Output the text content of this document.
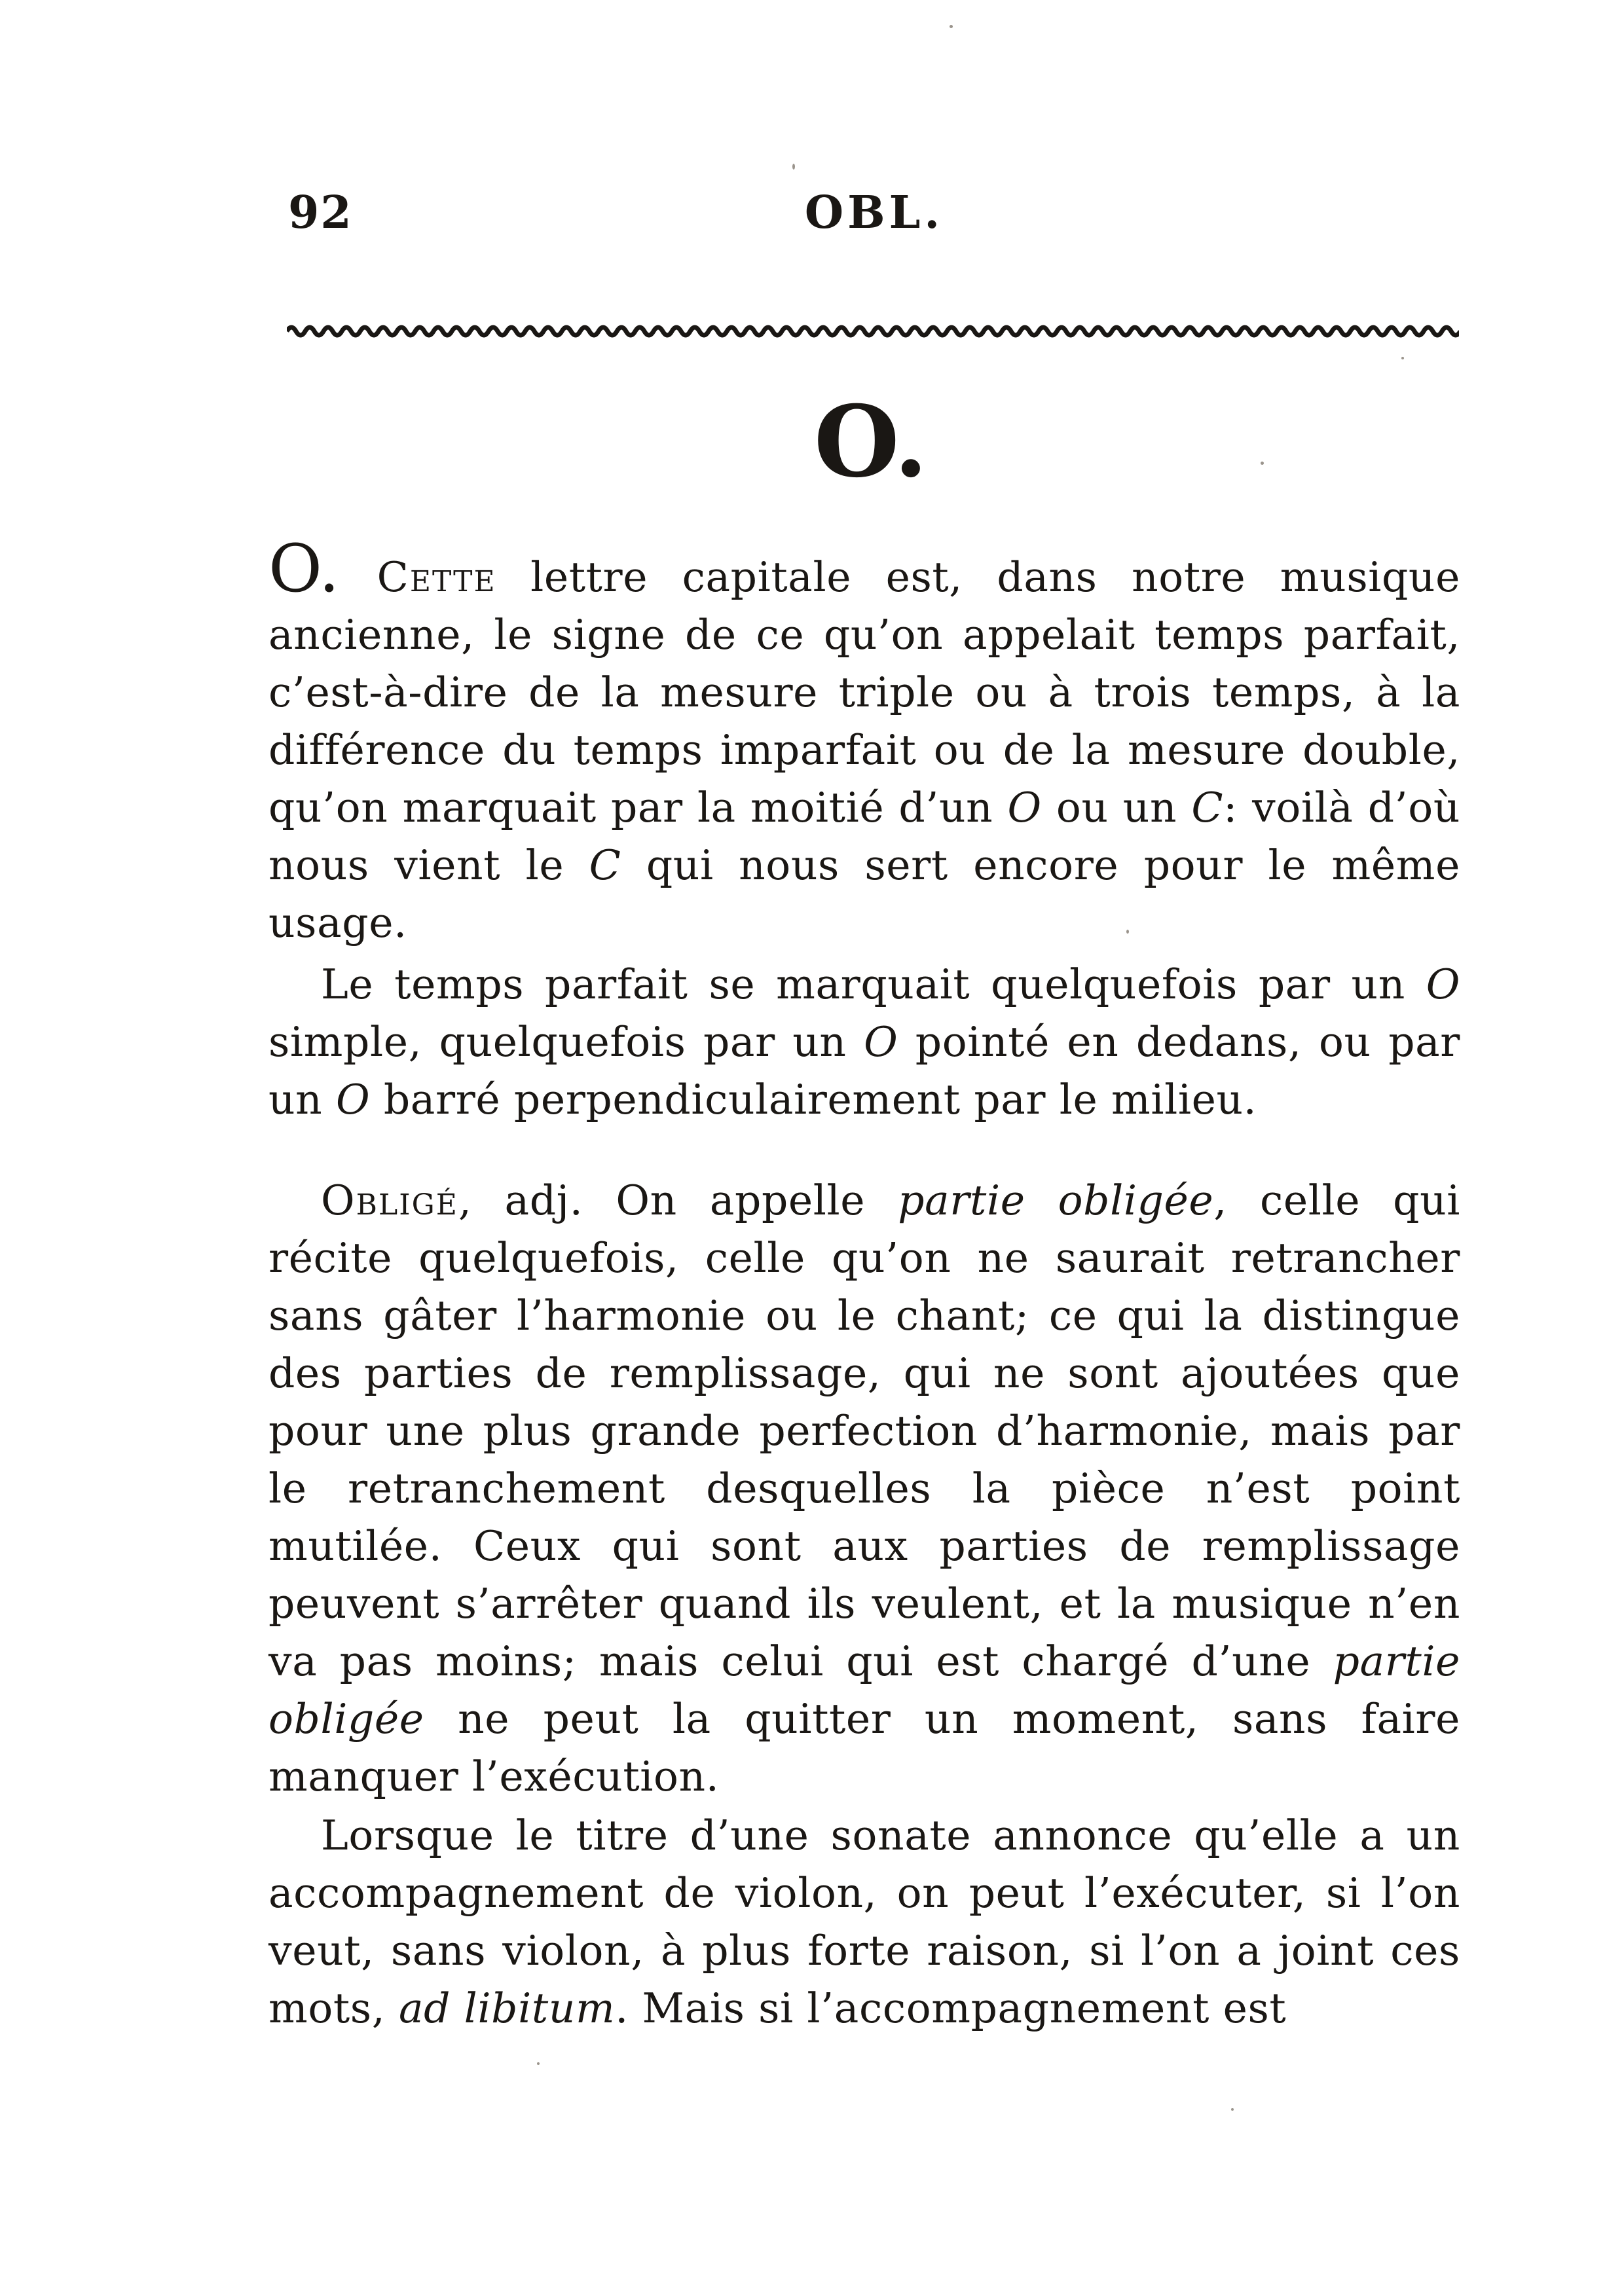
92	OBL.
O.

O. Cette lettre capitale est, dans notre musique ancienne, le signe de ce qu’on appelait temps parfait, c’est-à-dire de la mesure triple ou à trois temps, à la différence du temps imparfait ou de la mesure double, qu’on marquait par la moitié d’un O ou un C: voilà d’où nous vient le C qui nous sert encore pour le même usage.

Le temps parfait se marquait quelquefois par un O simple, quelquefois par un O pointé en dedans, ou par un O barré perpendiculairement par le milieu.

Obligé, adj. On appelle partie obligée, celle qui récite quelquefois, celle qu’on ne saurait retrancher sans gâter l’harmonie ou le chant; ce qui la distingue des parties de remplissage, qui ne sont ajoutées que pour une plus grande perfection d’harmonie, mais par le retranchement desquelles la pièce n’est point mutilée. Ceux qui sont aux parties de remplissage peuvent s’arrêter quand ils veulent, et la musique n’en va pas moins; mais celui qui est chargé d’une partie obligée ne peut la quitter un moment, sans faire manquer l’exécution.

Lorsque le titre d’une sonate annonce qu’elle a un accompagnement de violon, on peut l’exécuter, si l’on veut, sans violon, à plus forte raison, si l’on a joint ces mots, ad libitum. Mais si l’accompagnement est
